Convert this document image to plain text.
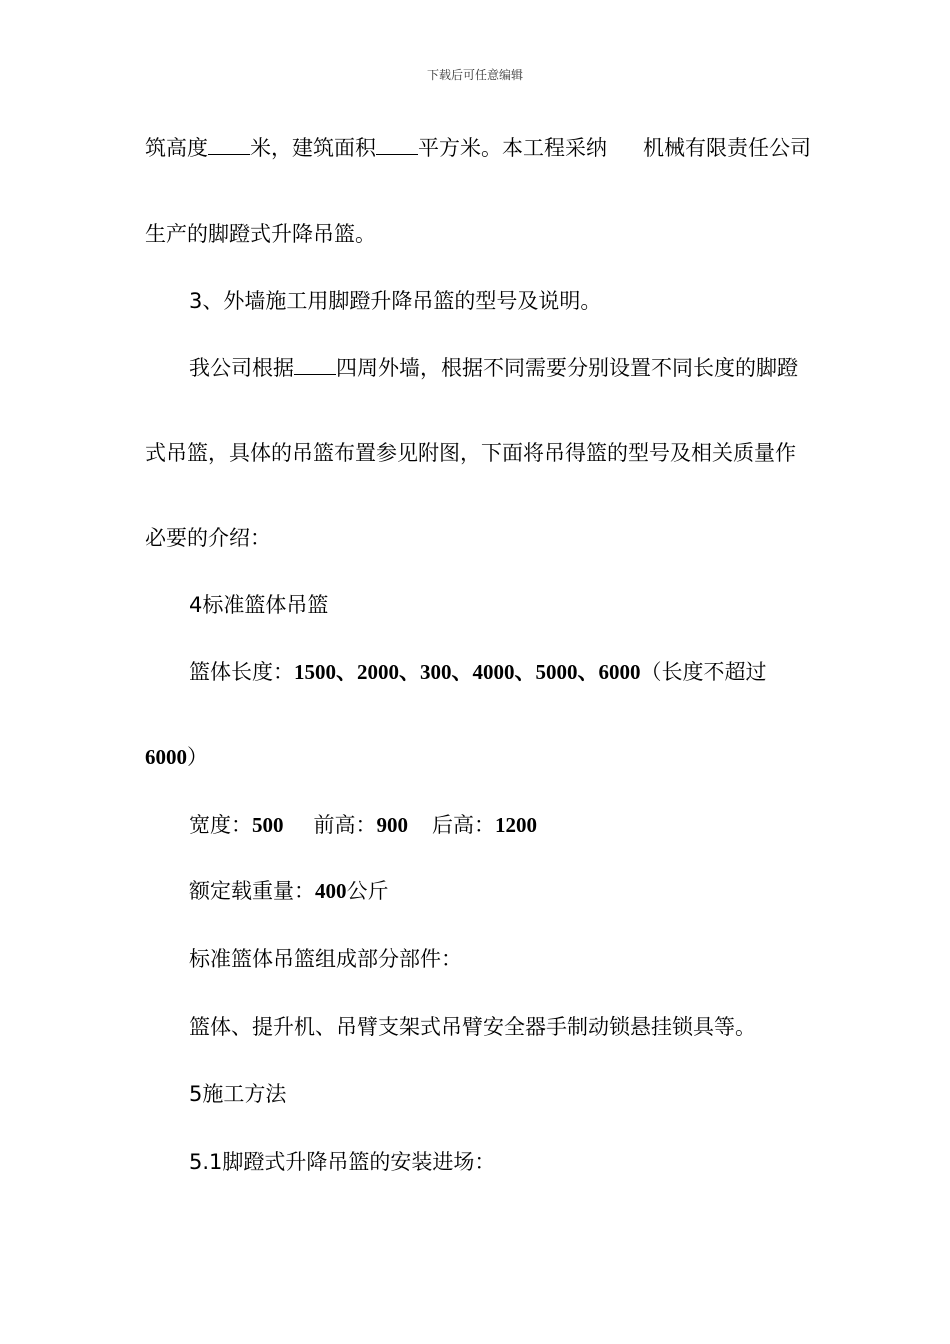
下载后可任意编辑
筑高度 米，建筑面积 平方米。本工程采纳 机械有限责任公司
生产的脚蹬式升降吊篮。
3、外墙施工用脚蹬升降吊篮的型号及说明。
我公司根据 四周外墙，根据不同需要分别设置不同长度的脚蹬
式吊篮，具体的吊篮布置参见附图，下面将吊得篮的型号及相关质量作
必要的介绍：
4标准篮体吊篮
篮体长度：1500、2000、300、4000、5000、6000（长度不超过
6000）
宽度：500 前高：900 后高：1200
额定载重量：400公斤
标准篮体吊篮组成部分部件：
篮体、提升机、吊臂支架式吊臂安全器手制动锁悬挂锁具等。
5施工方法
5.1脚蹬式升降吊篮的安装进场：
